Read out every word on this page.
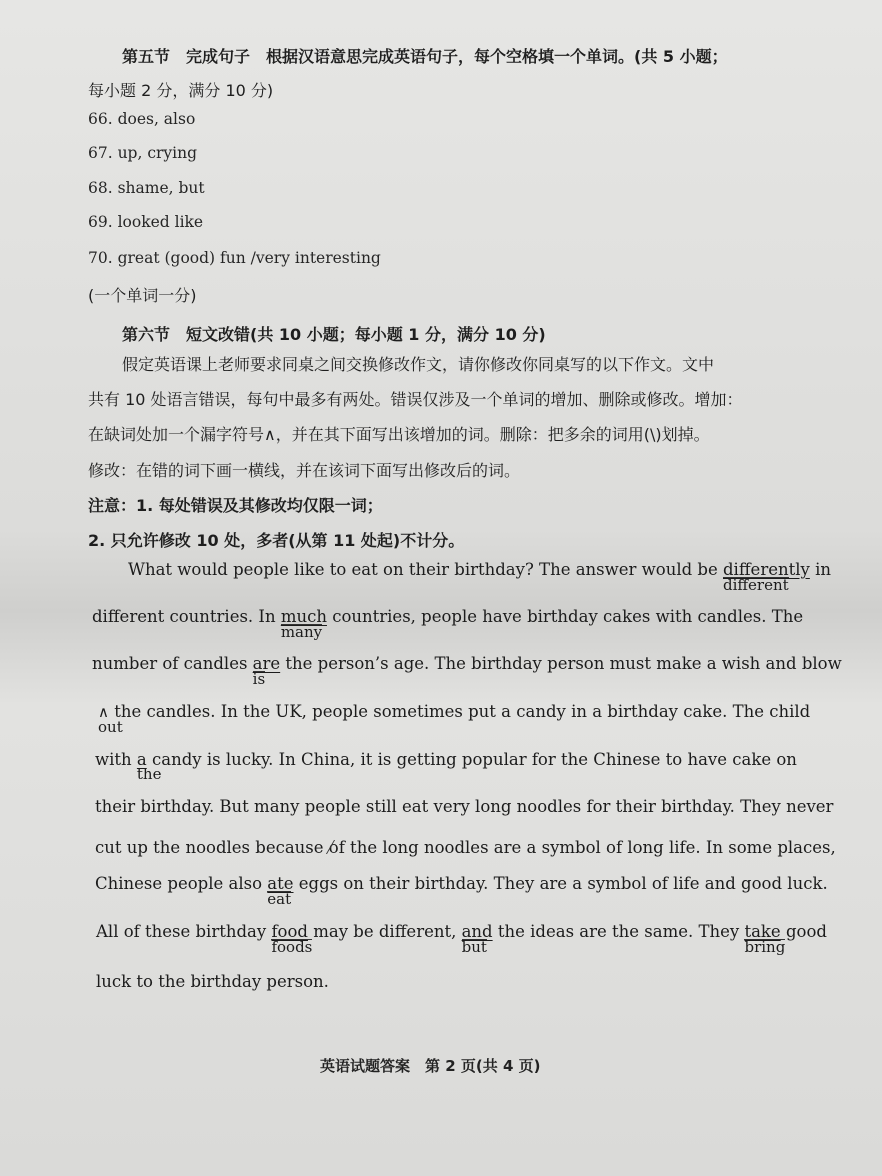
第五节　完成句子　根据汉语意思完成英语句子，每个空格填一个单词。(共 5 小题；
每小题 2 分，满分 10 分)
66. does, also
67. up, crying
68. shame, but
69. looked like
70. great (good) fun /very interesting
(一个单词一分)
第六节　短文改错(共 10 小题；每小题 1 分，满分 10 分)
假定英语课上老师要求同桌之间交换修改作文，请你修改你同桌写的以下作文。文中
共有 10 处语言错误，每句中最多有两处。错误仅涉及一个单词的增加、删除或修改。增加：
在缺词处加一个漏字符号∧，并在其下面写出该增加的词。删除：把多余的词用(\)划掉。
修改：在错的词下画一横线，并在该词下面写出修改后的词。
注意：1. 每处错误及其修改均仅限一词；
2. 只允许修改 10 处，多者(从第 11 处起)不计分。
What would people like to eat on their birthday? The answer would be differently
different
in
different countries. In much
many
countries, people have birthday cakes with candles. The
number of candles are
is
the person’s age. The birthday person must make a wish and blow
∧
out
the candles. In the UK, people sometimes put a candy in a birthday cake. The child
with a
the
candy is lucky. In China, it is getting popular for the Chinese to have cake on
their birthday. But many people still eat very long noodles for their birthday. They never
cut up the noodles because of the long noodles are a symbol of long life. In some places,
Chinese people also ate
eat
eggs on their birthday. They are a symbol of life and good luck.
All of these birthday food
foods
may be different, and
but
the ideas are the same. They take
bring
good
luck to the birthday person.
英语试题答案　第 2 页(共 4 页)
